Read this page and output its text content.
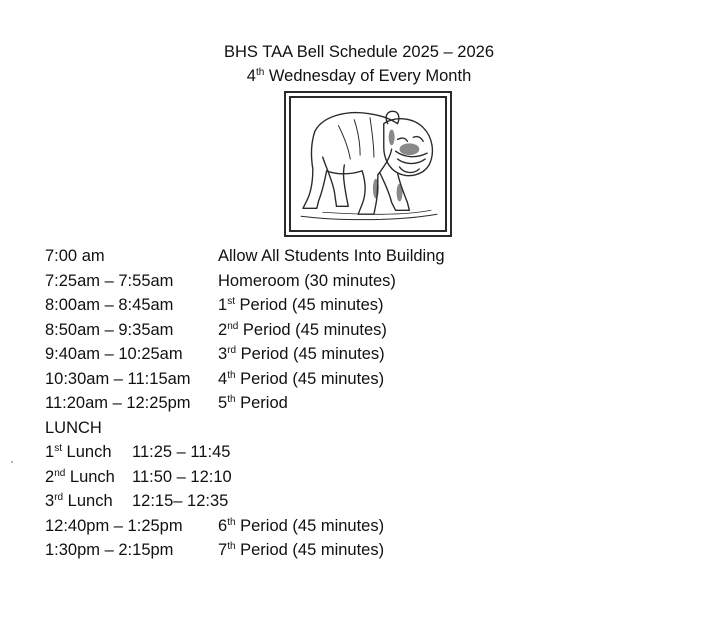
BHS TAA Bell Schedule 2025 – 2026
4th Wednesday of Every Month
7:00 am	Allow All Students Into Building
7:25am – 7:55am	Homeroom (30 minutes)
8:00am – 8:45am	1st Period (45 minutes)
8:50am – 9:35am	2nd Period (45 minutes)
9:40am – 10:25am 3rd Period (45 minutes)
10:30am – 11:15am 4th Period (45 minutes)
11:20am – 12:25pm 5th Period
LUNCH
1st Lunch 11:25 – 11:45
2nd Lunch 11:50 – 12:10
3rd Lunch 12:15– 12:35
12:40pm – 1:25pm 6th Period (45 minutes)
1:30pm – 2:15pm	7th Period (45 minutes)
